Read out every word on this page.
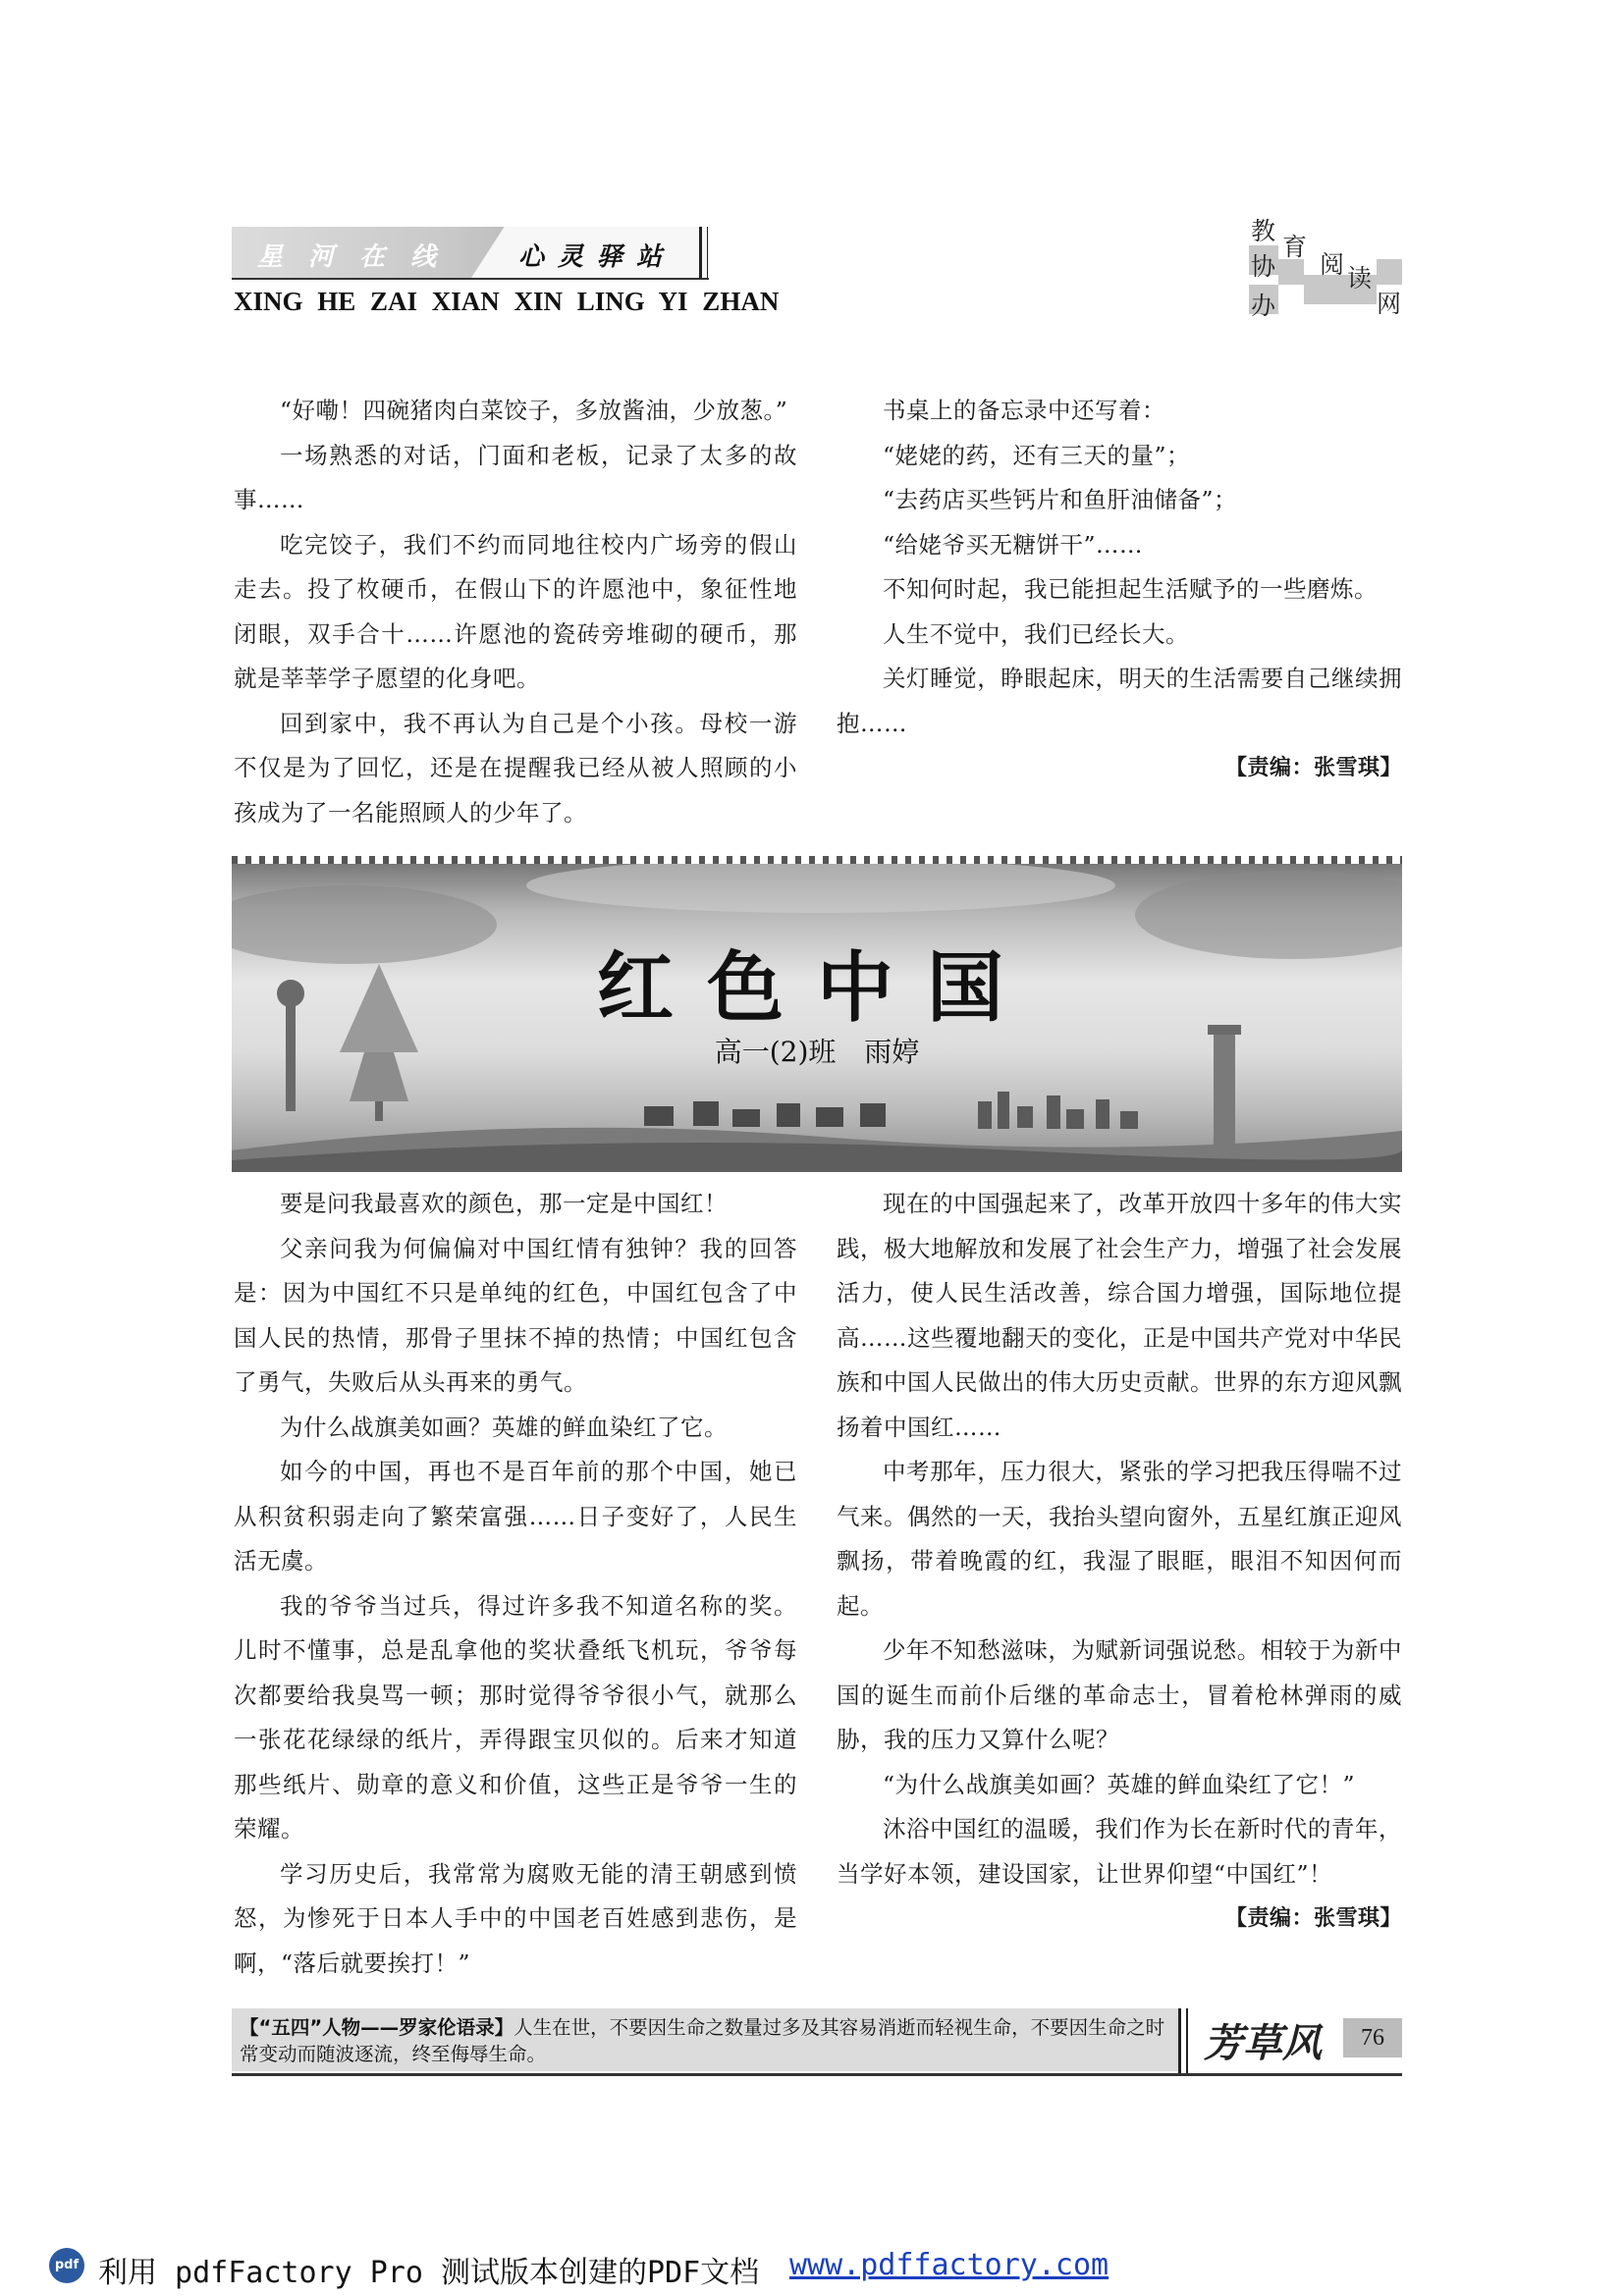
星河在线 心灵驿站
XING HE ZAI XIAN XIN LING YI ZHAN
教
育
协 阅 读
办	网

“好嘞！四碗猪肉白菜饺子，多放酱油，少放葱。”

一场熟悉的对话，门面和老板，记录了太多的故事……

吃完饺子，我们不约而同地往校内广场旁的假山走去。投了枚硬币，在假山下的许愿池中，象征性地闭眼，双手合十……许愿池的瓷砖旁堆砌的硬币，那就是莘莘学子愿望的化身吧。

回到家中，我不再认为自己是个小孩。母校一游不仅是为了回忆，还是在提醒我已经从被人照顾的小孩成为了一名能照顾人的少年了。

书桌上的备忘录中还写着：

“姥姥的药，还有三天的量”；

“去药店买些钙片和鱼肝油储备”；

“给姥爷买无糖饼干”……

不知何时起，我已能担起生活赋予的一些磨炼。

人生不觉中，我们已经长大。

关灯睡觉，睁眼起床，明天的生活需要自己继续拥抱……

【责编：张雪琪】

红色中国
高一(2)班 雨婷

要是问我最喜欢的颜色，那一定是中国红！

父亲问我为何偏偏对中国红情有独钟？我的回答是：因为中国红不只是单纯的红色，中国红包含了中国人民的热情，那骨子里抹不掉的热情；中国红包含了勇气，失败后从头再来的勇气。

为什么战旗美如画？英雄的鲜血染红了它。

如今的中国，再也不是百年前的那个中国，她已从积贫积弱走向了繁荣富强……日子变好了，人民生活无虞。

我的爷爷当过兵，得过许多我不知道名称的奖。儿时不懂事，总是乱拿他的奖状叠纸飞机玩，爷爷每次都要给我臭骂一顿；那时觉得爷爷很小气，就那么一张花花绿绿的纸片，弄得跟宝贝似的。后来才知道那些纸片、勋章的意义和价值，这些正是爷爷一生的荣耀。

学习历史后，我常常为腐败无能的清王朝感到愤怒，为惨死于日本人手中的中国老百姓感到悲伤，是啊，“落后就要挨打！”

现在的中国强起来了，改革开放四十多年的伟大实践，极大地解放和发展了社会生产力，增强了社会发展活力，使人民生活改善，综合国力增强，国际地位提高……这些覆地翻天的变化，正是中国共产党对中华民族和中国人民做出的伟大历史贡献。世界的东方迎风飘扬着中国红……

中考那年，压力很大，紧张的学习把我压得喘不过气来。偶然的一天，我抬头望向窗外，五星红旗正迎风飘扬，带着晚霞的红，我湿了眼眶，眼泪不知因何而起。

少年不知愁滋味，为赋新词强说愁。相较于为新中国的诞生而前仆后继的革命志士，冒着枪林弹雨的威胁，我的压力又算什么呢？

“为什么战旗美如画？英雄的鲜血染红了它！”

沐浴中国红的温暖，我们作为长在新时代的青年，当学好本领，建设国家，让世界仰望“中国红”！

【责编：张雪琪】

【“五四”人物——罗家伦语录】人生在世，不要因生命之数量过多及其容易消逝而轻视生命，不要因生命之时常变动而随波逐流，终至侮辱生命。	芳草风	76
pdf 利用 pdfFactory Pro 测试版本创建的PDF文档 www.pdffactory.com
